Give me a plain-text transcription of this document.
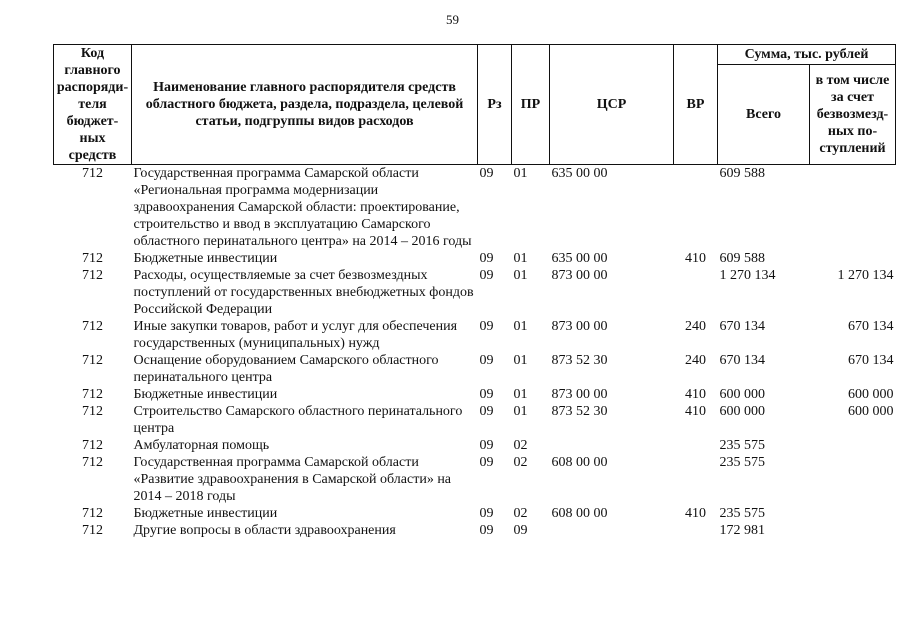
59
Код главного распоряди-теля бюджет-ных средств	Наименование главного распорядителя средств областного бюджета, раздела, подраздела, целевой статьи, подгруппы видов расходов	Рз	ПР	ЦСР	ВР	Сумма, тыс. рублей	
						Всего	в том числе за счет безвозмезд-ных по-ступлений
712	Государственная программа Самарской области «Региональная программа модернизации здравоохранения Самарской области: проектирование, строительство и ввод в эксплуатацию Самарского областного перинатального центра» на 2014 – 2016 годы	09	01	635 00 00		609 588	
712	Бюджетные инвестиции	09	01	635 00 00	410	609 588	
712	Расходы, осуществляемые за счет безвозмездных поступлений от государственных внебюджетных фондов Российской Федерации	09	01	873 00 00		1 270 134	1 270 134
712	Иные закупки товаров, работ и услуг для обеспечения государственных (муниципальных) нужд	09	01	873 00 00	240	670 134	670 134
712	Оснащение оборудованием Самарского областного перинатального центра	09	01	873 52 30	240	670 134	670 134
712	Бюджетные инвестиции	09	01	873 00 00	410	600 000	600 000
712	Строительство Самарского областного перинатального центра	09	01	873 52 30	410	600 000	600 000
712	Амбулаторная помощь	09	02			235 575	
712	Государственная программа Самарской области «Развитие здравоохранения в Самарской области» на 2014 – 2018 годы	09	02	608 00 00		235 575	
712	Бюджетные инвестиции	09	02	608 00 00	410	235 575	
712	Другие вопросы в области здравоохранения	09	09			172 981	
